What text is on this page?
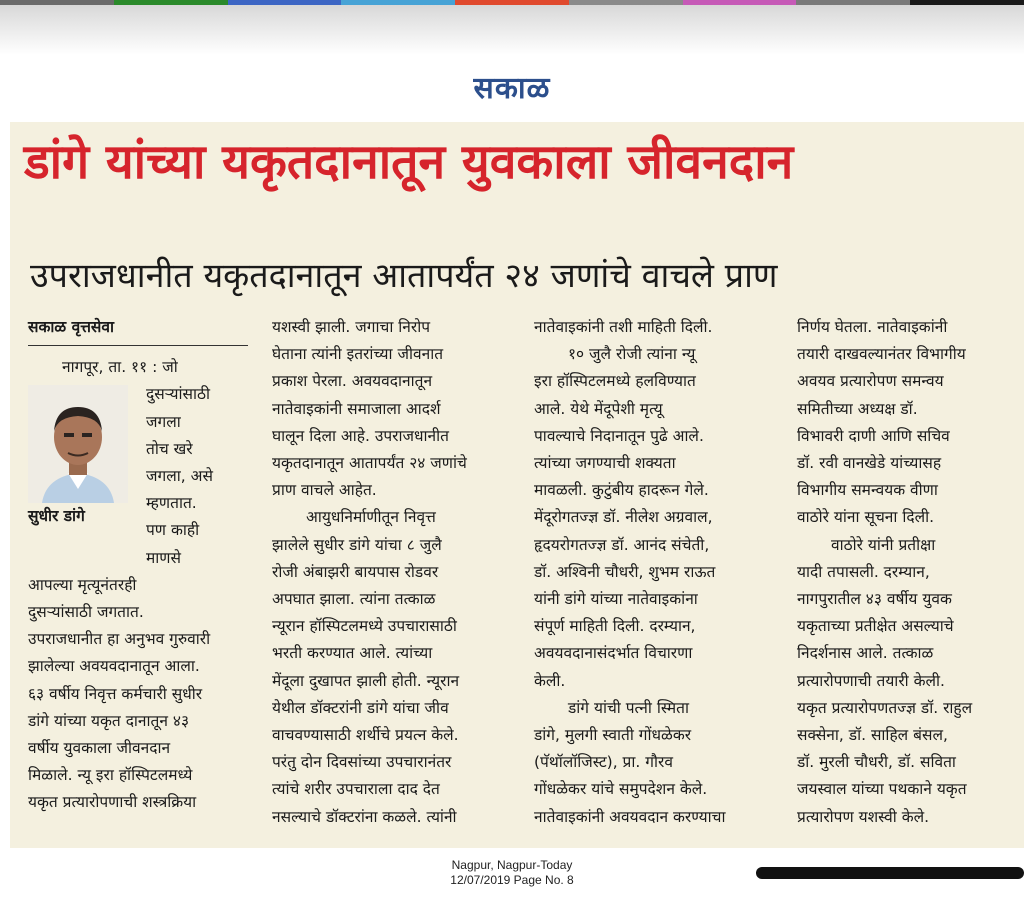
सकाळ
डांगे यांच्या यकृतदानातून युवकाला जीवनदान
उपराजधानीत यकृतदानातून आतापर्यंत २४ जणांचे वाचले प्राण

सकाळ वृत्तसेवा

नागपूर, ता. ११ : जो

सुधीर डांगे

दुसऱ्यांसाठी

जगला

तोच खरे

जगला, असे

म्हणतात.

पण काही

माणसे

आपल्या मृत्यूनंतरही

दुसऱ्यांसाठी जगतात.

उपराजधानीत हा अनुभव गुरुवारी

झालेल्या अवयवदानातून आला.

६३ वर्षीय निवृत्त कर्मचारी सुधीर

डांगे यांच्या यकृत दानातून ४३

वर्षीय युवकाला जीवनदान

मिळाले. न्यू इरा हॉस्पिटलमध्ये

यकृत प्रत्यारोपणाची शस्त्रक्रिया

यशस्वी झाली. जगाचा निरोप

घेताना त्यांनी इतरांच्या जीवनात

प्रकाश पेरला. अवयवदानातून

नातेवाइकांनी समाजाला आदर्श

घालून दिला आहे. उपराजधानीत

यकृतदानातून आतापर्यंत २४ जणांचे

प्राण वाचले आहेत.

आयुधनिर्माणीतून निवृत्त

झालेले सुधीर डांगे यांचा ८ जुलै

रोजी अंबाझरी बायपास रोडवर

अपघात झाला. त्यांना तत्काळ

न्यूरान हॉस्पिटलमध्ये उपचारासाठी

भरती करण्यात आले. त्यांच्या

मेंदूला दुखापत झाली होती. न्यूरान

येथील डॉक्टरांनी डांगे यांचा जीव

वाचवण्यासाठी शर्थीचे प्रयत्न केले.

परंतु दोन दिवसांच्या उपचारानंतर

त्यांचे शरीर उपचाराला दाद देत

नसल्याचे डॉक्टरांना कळले. त्यांनी

नातेवाइकांनी तशी माहिती दिली.

१० जुलै रोजी त्यांना न्यू

इरा हॉस्पिटलमध्ये हलविण्यात

आले. येथे मेंदूपेशी मृत्यू

पावल्याचे निदानातून पुढे आले.

त्यांच्या जगण्याची शक्यता

मावळली. कुटुंबीय हादरून गेले.

मेंदूरोगतज्ज्ञ डॉ. नीलेश अग्रवाल,

हृदयरोगतज्ज्ञ डॉ. आनंद संचेती,

डॉ. अश्विनी चौधरी, शुभम राऊत

यांनी डांगे यांच्या नातेवाइकांना

संपूर्ण माहिती दिली. दरम्यान,

अवयवदानासंदर्भात विचारणा

केली.

डांगे यांची पत्नी स्मिता

डांगे, मुलगी स्वाती गोंधळेकर

(पॅथॉलॉजिस्ट), प्रा. गौरव

गोंधळेकर यांचे समुपदेशन केले.

नातेवाइकांनी अवयवदान करण्याचा

निर्णय घेतला. नातेवाइकांनी

तयारी दाखवल्यानंतर विभागीय

अवयव प्रत्यारोपण समन्वय

समितीच्या अध्यक्ष डॉ.

विभावरी दाणी आणि सचिव

डॉ. रवी वानखेडे यांच्यासह

विभागीय समन्वयक वीणा

वाठोरे यांना सूचना दिली.

वाठोरे यांनी प्रतीक्षा

यादी तपासली. दरम्यान,

नागपुरातील ४३ वर्षीय युवक

यकृताच्या प्रतीक्षेत असल्याचे

निदर्शनास आले. तत्काळ

प्रत्यारोपणाची तयारी केली.

यकृत प्रत्यारोपणतज्ज्ञ डॉ. राहुल

सक्सेना, डॉ. साहिल बंसल,

डॉ. मुरली चौधरी, डॉ. सविता

जयस्वाल यांच्या पथकाने यकृत

प्रत्यारोपण यशस्वी केले.

Nagpur, Nagpur-Today
12/07/2019 Page No. 8
